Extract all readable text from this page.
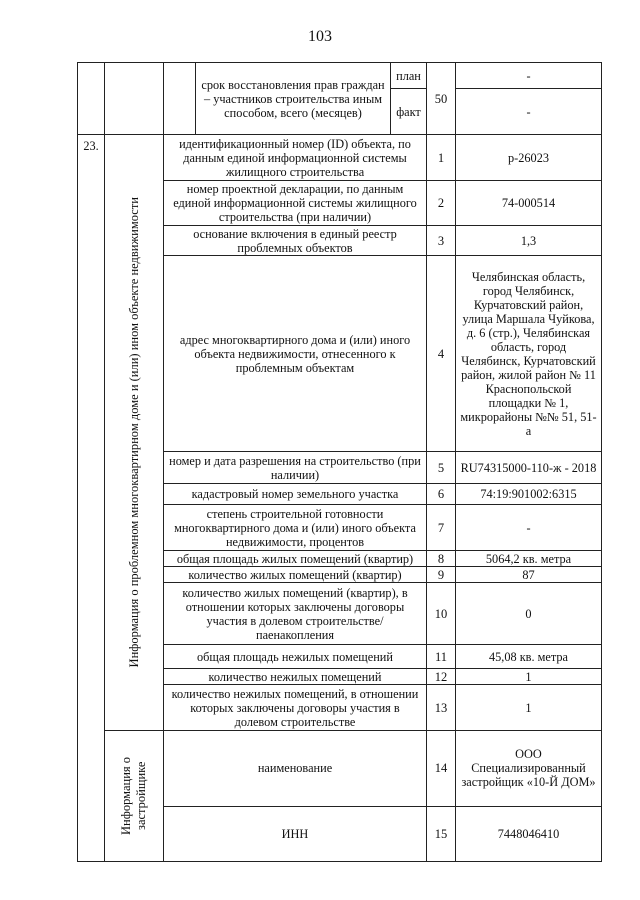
103
			срок восстановления прав граждан – участников строительства иным способом, всего (месяцев)	план	50	-
				факт		-
23.	Информация о проблемном многоквартирном доме и (или) ином объекте недвижимости	идентификационный номер (ID) объекта, по данным единой информационной системы жилищного строительства			1	р-26023
		номер проектной декларации, по данным единой информационной системы жилищного строительства (при наличии)			2	74-000514
		основание включения в единый реестр проблемных объектов			3	1,3
		адрес многоквартирного дома и (или) иного объекта недвижимости, отнесенного к проблемным объектам			4	Челябинская область, город Челябинск, Курчатовский район, улица Маршала Чуйкова, д. 6 (стр.), Челябинская область, город Челябинск, Курчатовский район, жилой район № 11 Краснопольской площадки № 1, микрорайоны №№ 51, 51-а
		номер и дата разрешения на строительство (при наличии)			5	RU74315000-110-ж - 2018
		кадастровый номер земельного участка			6	74:19:901002:6315
		степень строительной готовности многоквартирного дома и (или) иного объекта недвижимости, процентов			7	-
		общая площадь жилых помещений (квартир)			8	5064,2 кв. метра
		количество жилых помещений (квартир)			9	87
		количество жилых помещений (квартир), в отношении которых заключены договоры участия в долевом строительстве/паенакопления			10	0
		общая площадь нежилых помещений			11	45,08 кв. метра
		количество нежилых помещений			12	1
		количество нежилых помещений, в отношении которых заключены договоры участия в долевом строительстве			13	1

	Информация о застройщике	наименование			14	ООО Специализированный застройщик «10-Й ДОМ»
		ИНН			15	7448046410
